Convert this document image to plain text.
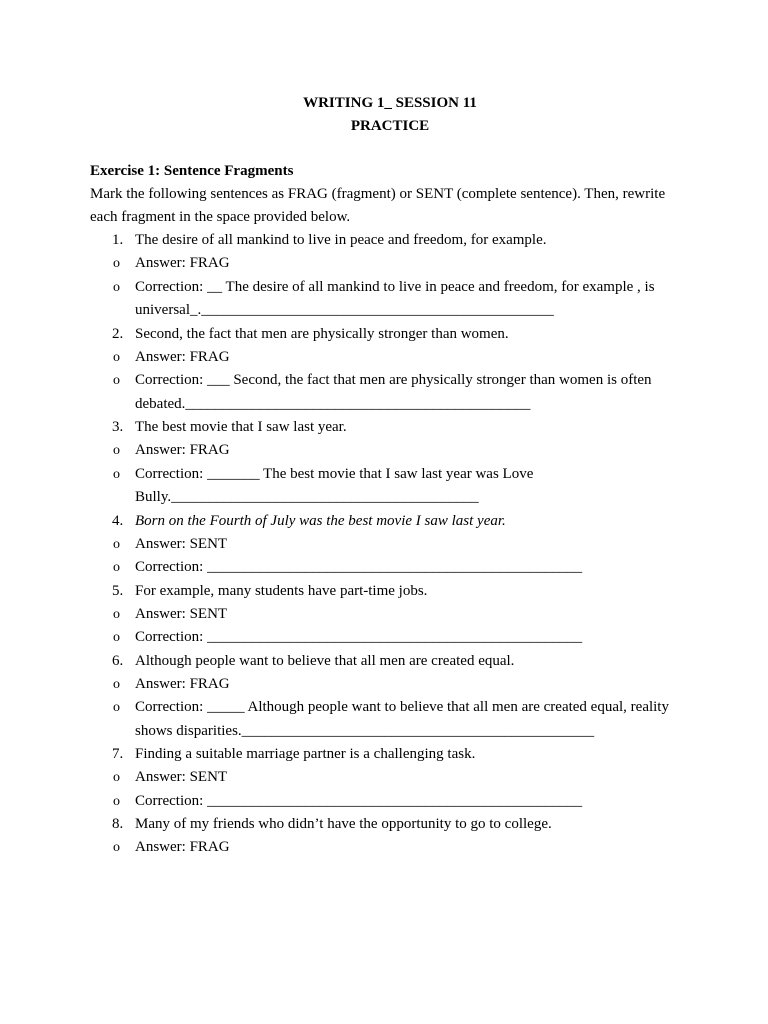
WRITING 1_ SESSION 11

PRACTICE

Exercise 1: Sentence Fragments

Mark the following sentences as FRAG (fragment) or SENT (complete sentence). Then, rewrite each fragment in the space provided below.

1. The desire of all mankind to live in peace and freedom, for example.
o Answer: FRAG
o Correction: __ The desire of all mankind to live in peace and freedom, for example , is universal_._______________________________________________
2. Second, the fact that men are physically stronger than women.
o Answer: FRAG
o Correction: ___ Second, the fact that men are physically stronger than women is often debated.______________________________________________
3. The best movie that I saw last year.
o Answer: FRAG
o Correction: _______ The best movie that I saw last year was Love Bully._________________________________________
4. Born on the Fourth of July was the best movie I saw last year.
o Answer: SENT
o Correction: __________________________________________________
5. For example, many students have part-time jobs.
o Answer: SENT
o Correction: __________________________________________________
6. Although people want to believe that all men are created equal.
o Answer: FRAG
o Correction: _____ Although people want to believe that all men are created equal, reality shows disparities._______________________________________________
7. Finding a suitable marriage partner is a challenging task.
o Answer: SENT
o Correction: __________________________________________________
8. Many of my friends who didn’t have the opportunity to go to college.
o Answer: FRAG
